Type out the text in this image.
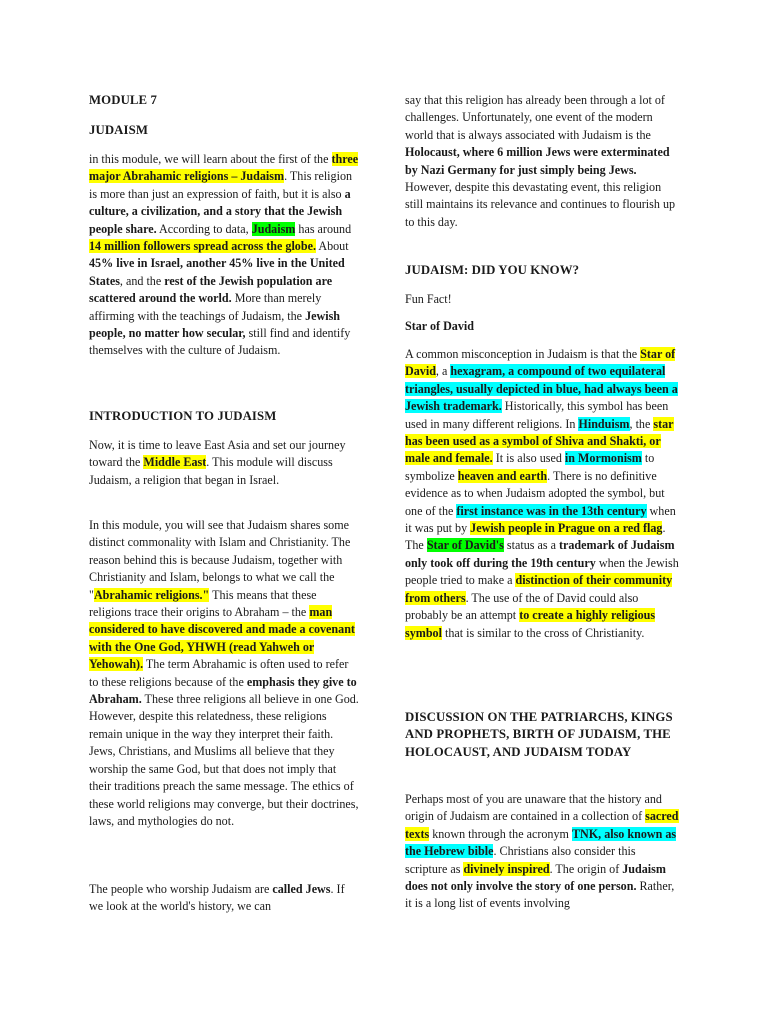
MODULE 7

JUDAISM

in this module, we will learn about the first of the three major Abrahamic religions – Judaism. This religion is more than just an expression of faith, but it is also a culture, a civilization, and a story that the Jewish people share. According to data, Judaism has around 14 million followers spread across the globe. About 45% live in Israel, another 45% live in the United States, and the rest of the Jewish population are scattered around the world. More than merely affirming with the teachings of Judaism, the Jewish people, no matter how secular, still find and identify themselves with the culture of Judaism.

INTRODUCTION TO JUDAISM

Now, it is time to leave East Asia and set our journey toward the Middle East. This module will discuss Judaism, a religion that began in Israel.

In this module, you will see that Judaism shares some distinct commonality with Islam and Christianity. The reason behind this is because Judaism, together with Christianity and Islam, belongs to what we call the "Abrahamic religions." This means that these religions trace their origins to Abraham – the man considered to have discovered and made a covenant with the One God, YHWH (read Yahweh or Yehowah). The term Abrahamic is often used to refer to these religions because of the emphasis they give to Abraham. These three religions all believe in one God. However, despite this relatedness, these religions remain unique in the way they interpret their faith. Jews, Christians, and Muslims all believe that they worship the same God, but that does not imply that their traditions preach the same message. The ethics of these world religions may converge, but their doctrines, laws, and mythologies do not.

The people who worship Judaism are called Jews. If we look at the world's history, we can

say that this religion has already been through a lot of challenges. Unfortunately, one event of the modern world that is always associated with Judaism is the Holocaust, where 6 million Jews were exterminated by Nazi Germany for just simply being Jews. However, despite this devastating event, this religion still maintains its relevance and continues to flourish up to this day.

JUDAISM: DID YOU KNOW?

Fun Fact!

Star of David

A common misconception in Judaism is that the Star of David, a hexagram, a compound of two equilateral triangles, usually depicted in blue, had always been a Jewish trademark. Historically, this symbol has been used in many different religions. In Hinduism, the star has been used as a symbol of Shiva and Shakti, or male and female. It is also used in Mormonism to symbolize heaven and earth. There is no definitive evidence as to when Judaism adopted the symbol, but one of the first instance was in the 13th century when it was put by Jewish people in Prague on a red flag. The Star of David's status as a trademark of Judaism only took off during the 19th century when the Jewish people tried to make a distinction of their community from others. The use of the of David could also probably be an attempt to create a highly religious symbol that is similar to the cross of Christianity.

DISCUSSION ON THE PATRIARCHS, KINGS AND PROPHETS, BIRTH OF JUDAISM, THE HOLOCAUST, AND JUDAISM TODAY

Perhaps most of you are unaware that the history and origin of Judaism are contained in a collection of sacred texts known through the acronym TNK, also known as the Hebrew bible. Christians also consider this scripture as divinely inspired. The origin of Judaism does not only involve the story of one person. Rather, it is a long list of events involving
